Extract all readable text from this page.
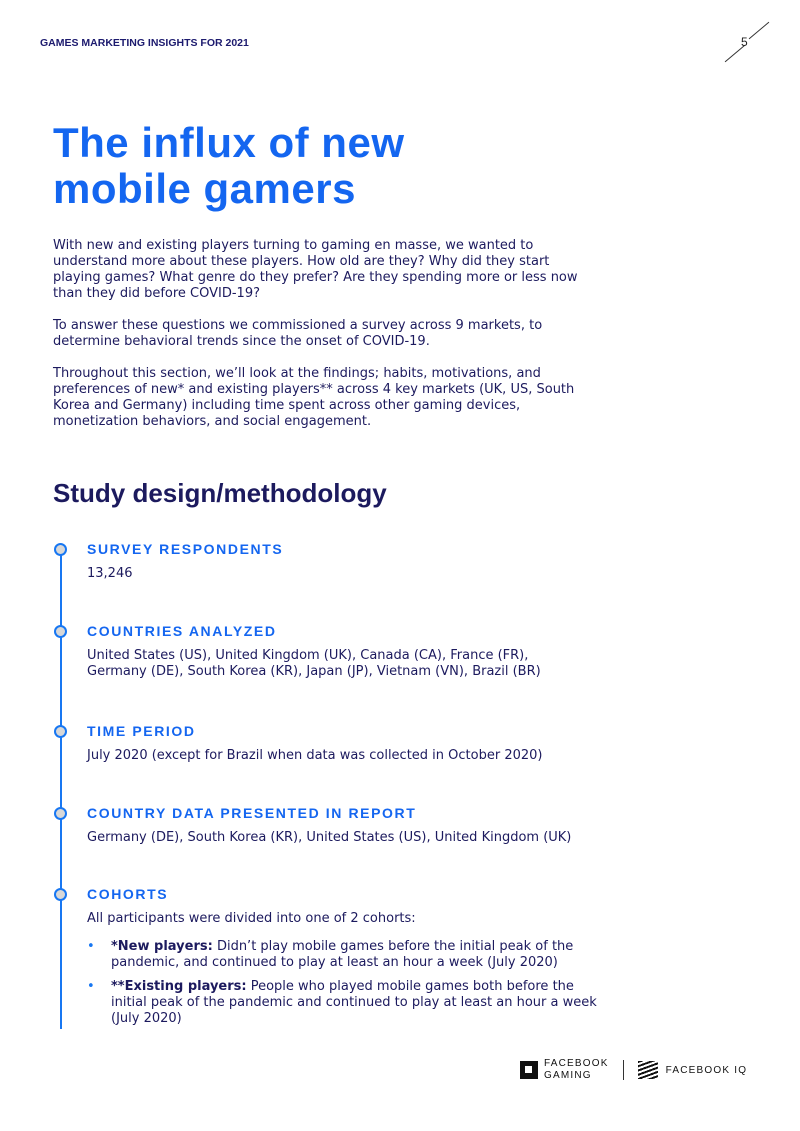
GAMES MARKETING INSIGHTS FOR 2021	5
The influx of new
mobile gamers

With new and existing players turning to gaming en masse, we wanted to understand more about these players. How old are they? Why did they start playing games? What genre do they prefer? Are they spending more or less now than they did before COVID-19?

To answer these questions we commissioned a survey across 9 markets, to determine behavioral trends since the onset of COVID-19.

Throughout this section, we’ll look at the findings; habits, motivations, and preferences of new* and existing players** across 4 key markets (UK, US, South Korea and Germany) including time spent across other gaming devices, monetization behaviors, and social engagement.

Study design/methodology
SURVEY RESPONDENTS
13,246
COUNTRIES ANALYZED
United States (US), United Kingdom (UK), Canada (CA), France (FR), Germany (DE), South Korea (KR), Japan (JP), Vietnam (VN), Brazil (BR)
TIME PERIOD
July 2020 (except for Brazil when data was collected in October 2020)
COUNTRY DATA PRESENTED IN REPORT
Germany (DE), South Korea (KR), United States (US), United Kingdom (UK)
COHORTS
All participants were divided into one of 2 cohorts:
• *New players: Didn’t play mobile games before the initial peak of the pandemic, and continued to play at least an hour a week (July 2020)
• **Existing players: People who played mobile games both before the initial peak of the pandemic and continued to play at least an hour a week (July 2020)
FACEBOOK
GAMING	FACEBOOK IQ
